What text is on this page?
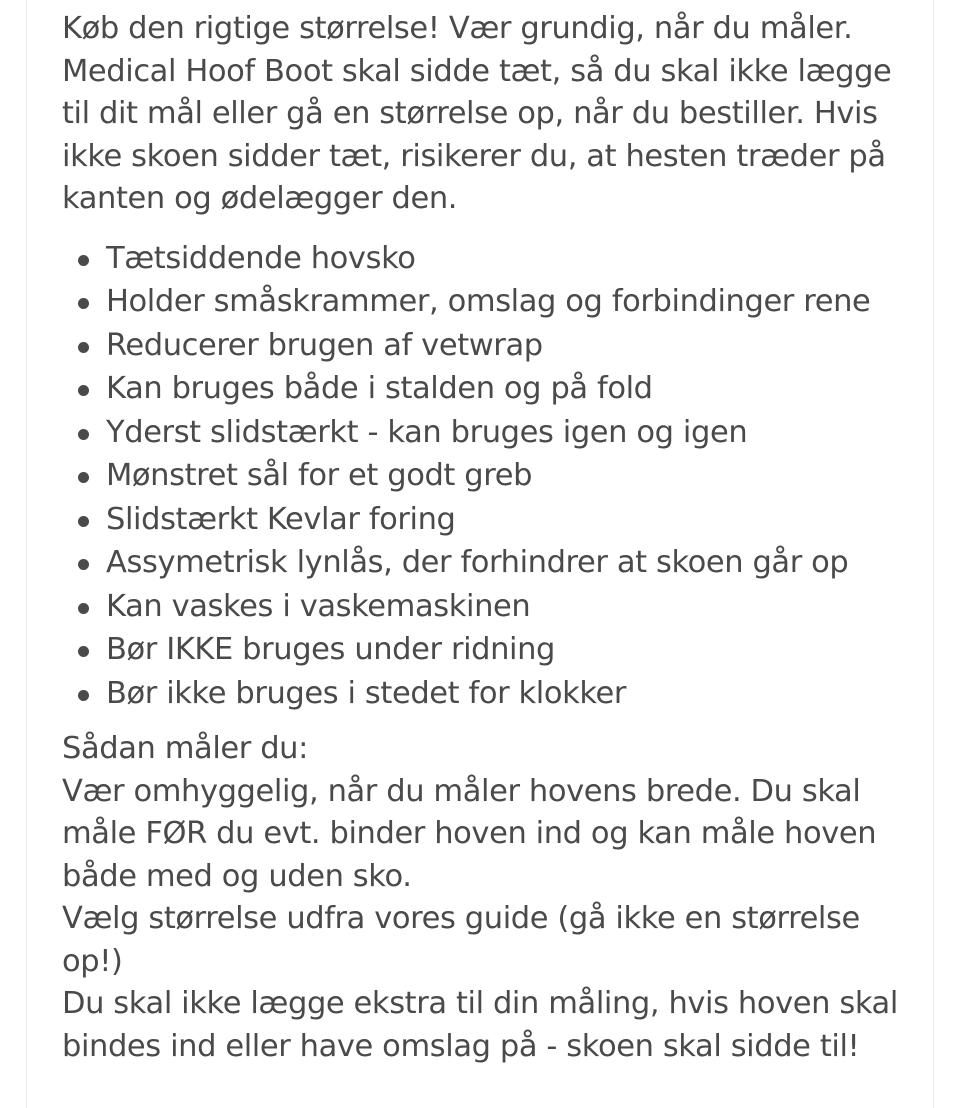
Køb den rigtige størrelse! Vær grundig, når du måler. Medical Hoof Boot skal sidde tæt, så du skal ikke lægge til dit mål eller gå en størrelse op, når du bestiller. Hvis ikke skoen sidder tæt, risikerer du, at hesten træder på kanten og ødelægger den.

Tætsiddende hovsko
Holder småskrammer, omslag og forbindinger rene
Reducerer brugen af vetwrap
Kan bruges både i stalden og på fold
Yderst slidstærkt - kan bruges igen og igen
Mønstret sål for et godt greb
Slidstærkt Kevlar foring
Assymetrisk lynlås, der forhindrer at skoen går op
Kan vaskes i vaskemaskinen
Bør IKKE bruges under ridning
Bør ikke bruges i stedet for klokker

Sådan måler du:

Vær omhyggelig, når du måler hovens brede. Du skal måle FØR du evt. binder hoven ind og kan måle hoven både med og uden sko.

Vælg størrelse udfra vores guide (gå ikke en størrelse op!)

Du skal ikke lægge ekstra til din måling, hvis hoven skal bindes ind eller have omslag på - skoen skal sidde til!
